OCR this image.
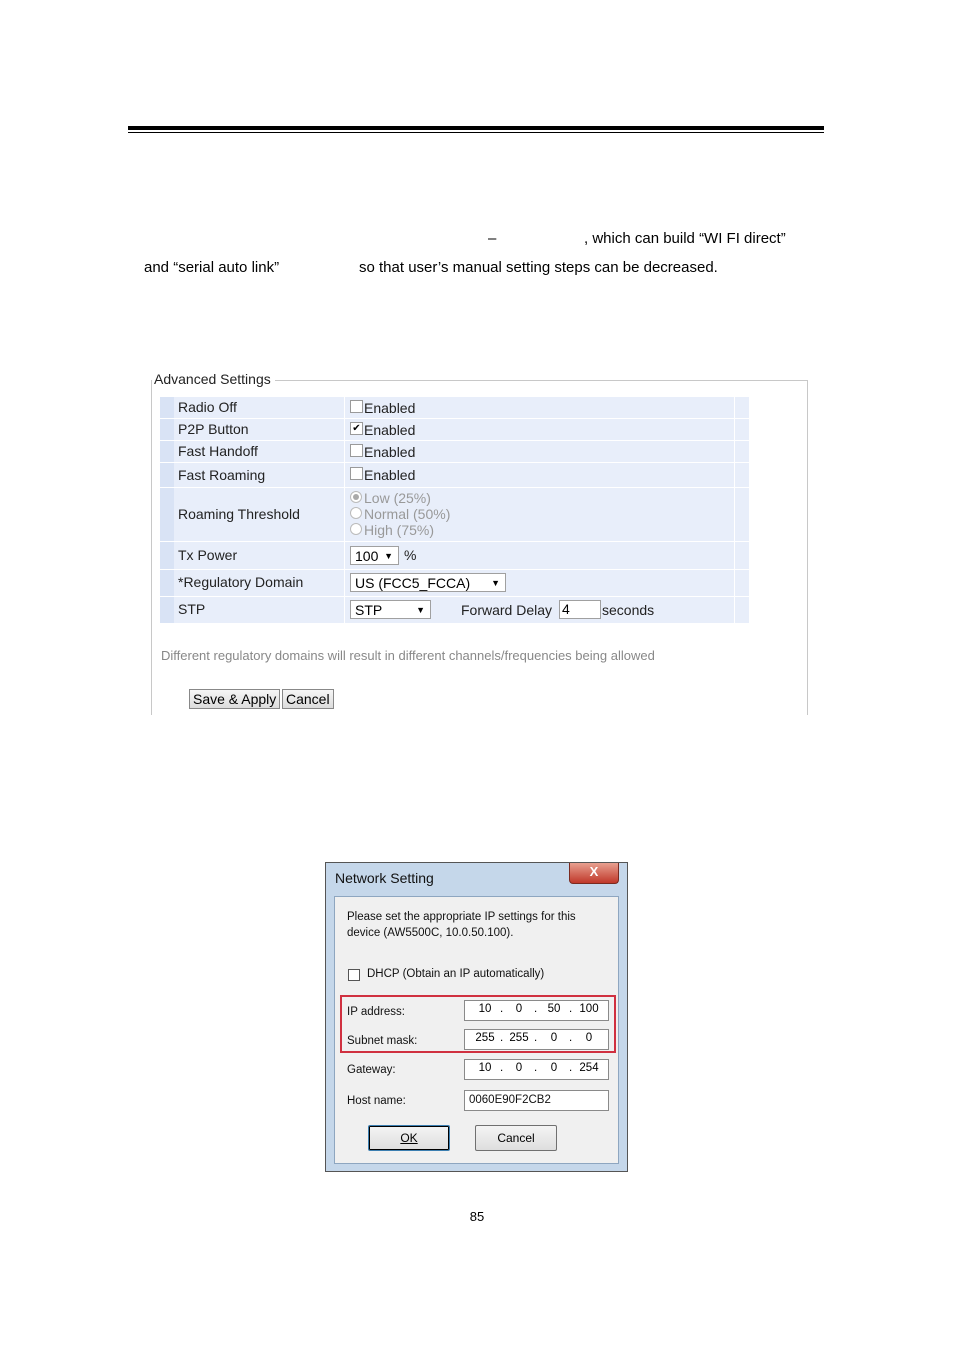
–	, which can build “WI FI direct”
and “serial auto link”	so that user’s manual setting steps can be decreased.
Advanced Settings
Radio Off	Enabled
P2P Button	✔ Enabled
Fast Handoff	Enabled
Fast Roaming	Enabled
Roaming Threshold
Low (25%)
Normal (50%)
High (75%)
Tx Power	100 ▼ %
*Regulatory Domain	US (FCC5_FCCA) ▼
STP	STP	▼	Forward Delay 4	seconds
Different regulatory domains will result in different channels/frequencies being allowed
Save & Apply Cancel
Network Setting	X
Please set the appropriate IP settings for this
device (AW5500C, 10.0.50.100).
DHCP (Obtain an IP automatically)
IP address:	10 .	0	. 50 . 100
Subnet mask:	255 . 255 .	0	.	0
Gateway:	10 .	0	.	0	. 254
Host name:	0060E90F2CB2
OK	Cancel
85
